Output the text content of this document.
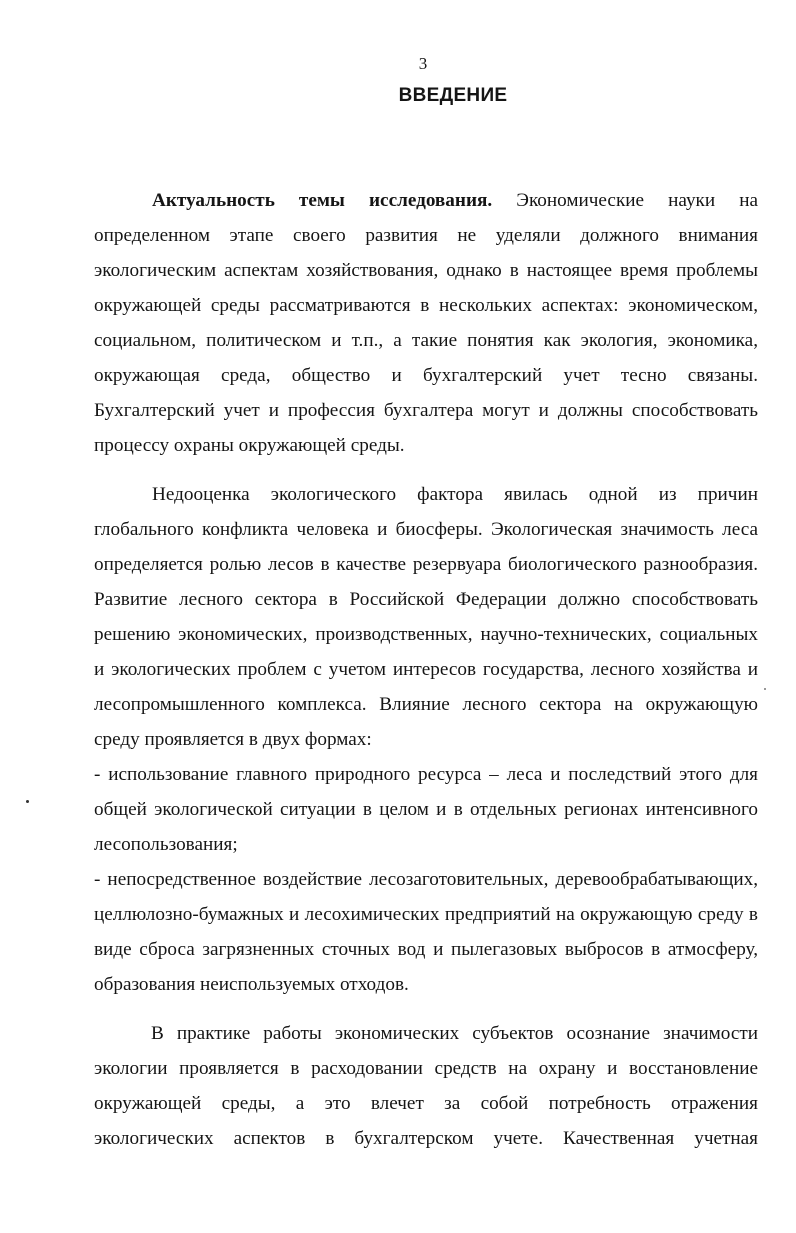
3
ВВЕДЕНИЕ

Актуальность темы исследования. Экономические науки на определенном этапе своего развития не уделяли должного внимания экологическим аспектам хозяйствования, однако в настоящее время проблемы окружающей среды рассматриваются в нескольких аспектах: экономическом, социальном, политическом и т.п., а такие понятия как экология, экономика, окружающая среда, общество и бухгалтерский учет тесно связаны. Бухгалтерский учет и профессия бухгалтера могут и должны способствовать процессу охраны окружающей среды.

Недооценка экологического фактора явилась одной из причин глобального конфликта человека и биосферы. Экологическая значимость леса определяется ролью лесов в качестве резервуара биологического разнообразия. Развитие лесного сектора в Российской Федерации должно способствовать решению экономических, производственных, научно-технических, социальных и экологических проблем с учетом интересов государства, лесного хозяйства и лесопромышленного комплекса. Влияние лесного сектора на окружающую среду проявляется в двух формах:

- использование главного природного ресурса – леса и последствий этого для общей экологической ситуации в целом и в отдельных регионах интенсивного лесопользования;

- непосредственное воздействие лесозаготовительных, деревообрабатывающих, целлюлозно-бумажных и лесохимических предприятий на окружающую среду в виде сброса загрязненных сточных вод и пылегазовых выбросов в атмосферу, образования неиспользуемых отходов.

В практике работы экономических субъектов осознание значимости экологии проявляется в расходовании средств на охрану и восстановление окружающей среды, а это влечет за собой потребность отражения экологических аспектов в бухгалтерском учете. Качественная учетная
